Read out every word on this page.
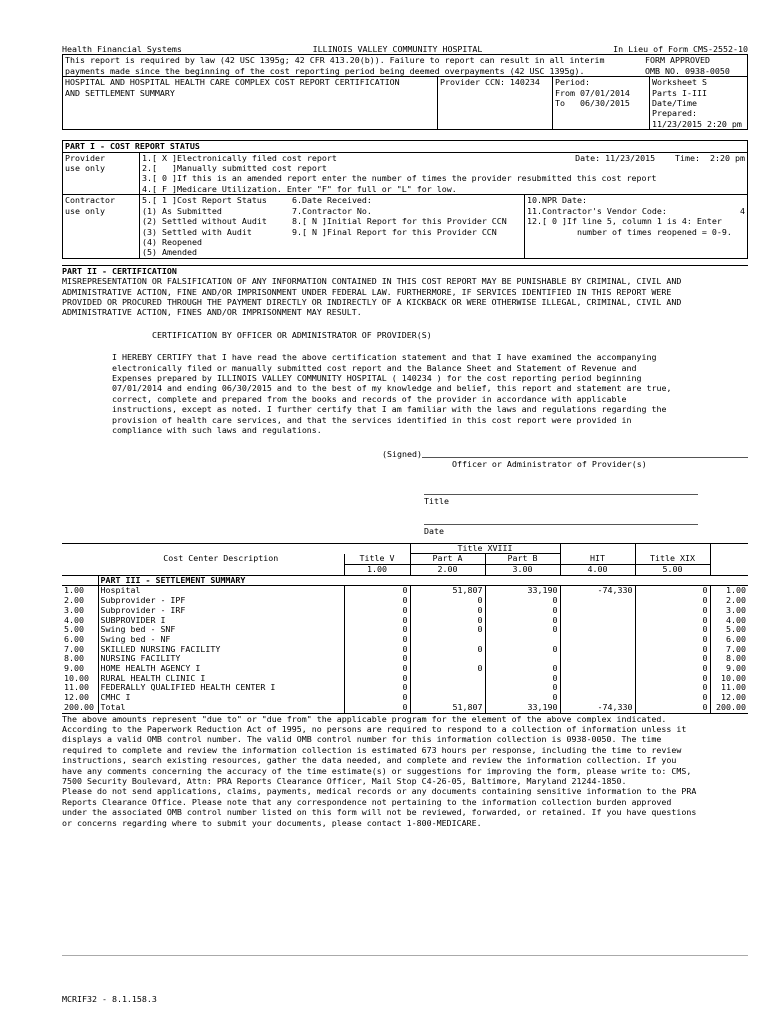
Health Financial Systems	ILLINOIS VALLEY COMMUNITY HOSPITAL	In Lieu of Form CMS-2552-10
This report is required by law (42 USC 1395g; 42 CFR 413.20(b)). Failure to report can result in all interim
payments made since the beginning of the cost reporting period being deemed overpayments (42 USC 1395g).
FORM APPROVED
OMB NO. 0938-0050
HOSPITAL AND HOSPITAL HEALTH CARE COMPLEX COST REPORT CERTIFICATION
AND SETTLEMENT SUMMARY
Provider CCN: 140234	Period:
From 07/01/2014
To   06/30/2015
Worksheet S
Parts I-III
Date/Time Prepared:
11/23/2015 2:20 pm
PART I - COST REPORT STATUS
Provider
use only
1.[ X ]Electronically filed cost report	Date: 11/23/2015    Time:  2:20 pm
2.[   ]Manually submitted cost report
3.[ 0 ]If this is an amended report enter the number of times the provider resubmitted this cost report
4.[ F ]Medicare Utilization. Enter "F" for full or "L" for low.
Contractor
use only
5.[ 1 ]Cost Report Status
(1) As Submitted
(2) Settled without Audit
(3) Settled with Audit
(4) Reopened
(5) Amended
6.Date Received:
7.Contractor No.
8.[ N ]Initial Report for this Provider CCN
9.[ N ]Final Report for this Provider CCN
10.NPR Date:
11.Contractor's Vendor Code:	4
12.[ 0 ]If line 5, column 1 is 4: Enter
number of times reopened = 0-9.
PART II - CERTIFICATION
MISREPRESENTATION OR FALSIFICATION OF ANY INFORMATION CONTAINED IN THIS COST REPORT MAY BE PUNISHABLE BY CRIMINAL, CIVIL AND
ADMINISTRATIVE ACTION, FINE AND/OR IMPRISONMENT UNDER FEDERAL LAW. FURTHERMORE, IF SERVICES IDENTIFIED IN THIS REPORT WERE
PROVIDED OR PROCURED THROUGH THE PAYMENT DIRECTLY OR INDIRECTLY OF A KICKBACK OR WERE OTHERWISE ILLEGAL, CRIMINAL, CIVIL AND
ADMINISTRATIVE ACTION, FINES AND/OR IMPRISONMENT MAY RESULT.
CERTIFICATION BY OFFICER OR ADMINISTRATOR OF PROVIDER(S)
I HEREBY CERTIFY that I have read the above certification statement and that I have examined the accompanying
electronically filed or manually submitted cost report and the Balance Sheet and Statement of Revenue and
Expenses prepared by ILLINOIS VALLEY COMMUNITY HOSPITAL ( 140234 ) for the cost reporting period beginning
07/01/2014 and ending 06/30/2015 and to the best of my knowledge and belief, this report and statement are true,
correct, complete and prepared from the books and records of the provider in accordance with applicable
instructions, except as noted. I further certify that I am familiar with the laws and regulations regarding the
provision of health care services, and that the services identified in this cost report were provided in
compliance with such laws and regulations.
(Signed)
Officer or Administrator of Provider(s)
Title
Date
			Title XVIII				
	Cost Center Description	Title V	Part A	Part B	HIT	Title XIX	
		1.00	2.00	3.00	4.00	5.00	
	PART III - SETTLEMENT SUMMARY						
1.00	Hospital	0	51,807	33,190	-74,330	0	1.00
2.00	Subprovider - IPF	0	0	0		0	2.00
3.00	Subprovider - IRF	0	0	0		0	3.00
4.00	SUBPROVIDER I	0	0	0		0	4.00
5.00	Swing bed - SNF	0	0	0		0	5.00
6.00	Swing bed - NF	0				0	6.00
7.00	SKILLED NURSING FACILITY	0	0	0		0	7.00
8.00	NURSING FACILITY	0				0	8.00
9.00	HOME HEALTH AGENCY I	0	0	0		0	9.00
10.00	RURAL HEALTH CLINIC I	0		0		0	10.00
11.00	FEDERALLY QUALIFIED HEALTH CENTER I	0		0		0	11.00
12.00	CMHC I	0		0		0	12.00
200.00	Total	0	51,807	33,190	-74,330	0	200.00
The above amounts represent "due to" or "due from" the applicable program for the element of the above complex indicated.
According to the Paperwork Reduction Act of 1995, no persons are required to respond to a collection of information unless it
displays a valid OMB control number. The valid OMB control number for this information collection is 0938-0050. The time
required to complete and review the information collection is estimated 673 hours per response, including the time to review
instructions, search existing resources, gather the data needed, and complete and review the information collection. If you
have any comments concerning the accuracy of the time estimate(s) or suggestions for improving the form, please write to: CMS,
7500 Security Boulevard, Attn: PRA Reports Clearance Officer, Mail Stop C4-26-05, Baltimore, Maryland 21244-1850.
Please do not send applications, claims, payments, medical records or any documents containing sensitive information to the PRA
Reports Clearance Office. Please note that any correspondence not pertaining to the information collection burden approved
under the associated OMB control number listed on this form will not be reviewed, forwarded, or retained. If you have questions
or concerns regarding where to submit your documents, please contact 1-800-MEDICARE.
MCRIF32 - 8.1.158.3
